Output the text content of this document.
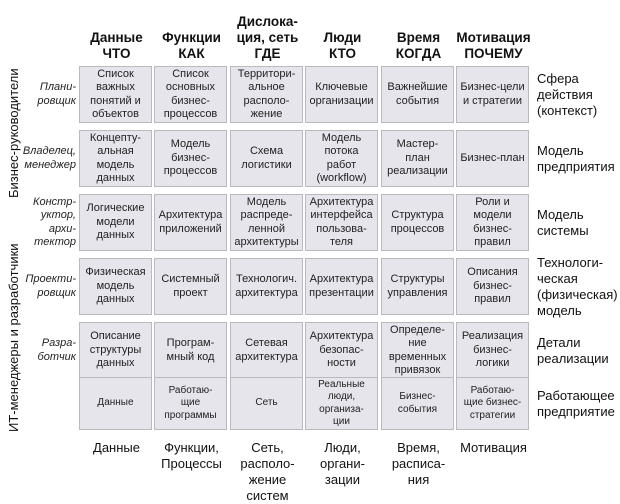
Данные
ЧТО
Функции
КАК
Дислока-
ция, сеть
ГДЕ
Люди
КТО
Время
КОГДА
Мотивация
ПОЧЕМУ
Плани-
ровщик
Список
важных
понятий и
объектов
Список
основных
бизнес-
процессов
Территори-
альное
располо-
жение
Ключевые
организации
Важнейшие
события
Бизнес-цели
и стратегии
Сфера
действия
(контекст)
Владелец,
менеджер
Концепту-
альная
модель
данных
Модель
бизнес-
процессов
Схема
логистики
Модель
потока
работ
(workflow)
Мастер-
план
реализации
Бизнес-план
Модель
предприятия
Констр-
уктор,
архи-
тектор
Логические
модели
данных
Архитектура
приложений
Модель
распреде-
ленной
архитектуры
Архитектура
интерфейса
пользова-
теля
Структура
процессов
Роли и
модели
бизнес-
правил
Модель
системы
Проекти-
ровщик
Физическая
модель
данных
Системный
проект
Технологич.
архитектура
Архитектура
презентации
Структуры
управления
Описания
бизнес-
правил
Технологи-
ческая
(физическая)
модель
Разра-
ботчик
Описание
структуры
данных
Програм-
мный код
Сетевая
архитектура
Архитектура
безопас-
ности
Определе-
ние
временных
привязок
Реализация
бизнес-
логики
Детали
реализации
Данные
Работаю-
щие
программы
Сеть
Реальные
люди,
организа-
ции
Бизнес-
события
Работаю-
щие бизнес-
стратегии
Работающее
предприятие
Данные	Функции,
Процессы
Сеть,
располо-
жение
систем
Люди,
органи-
зации
Время,
расписа-
ния
Мотивация
Бизнес-руководители
ИТ-менеджеры и разработчики
